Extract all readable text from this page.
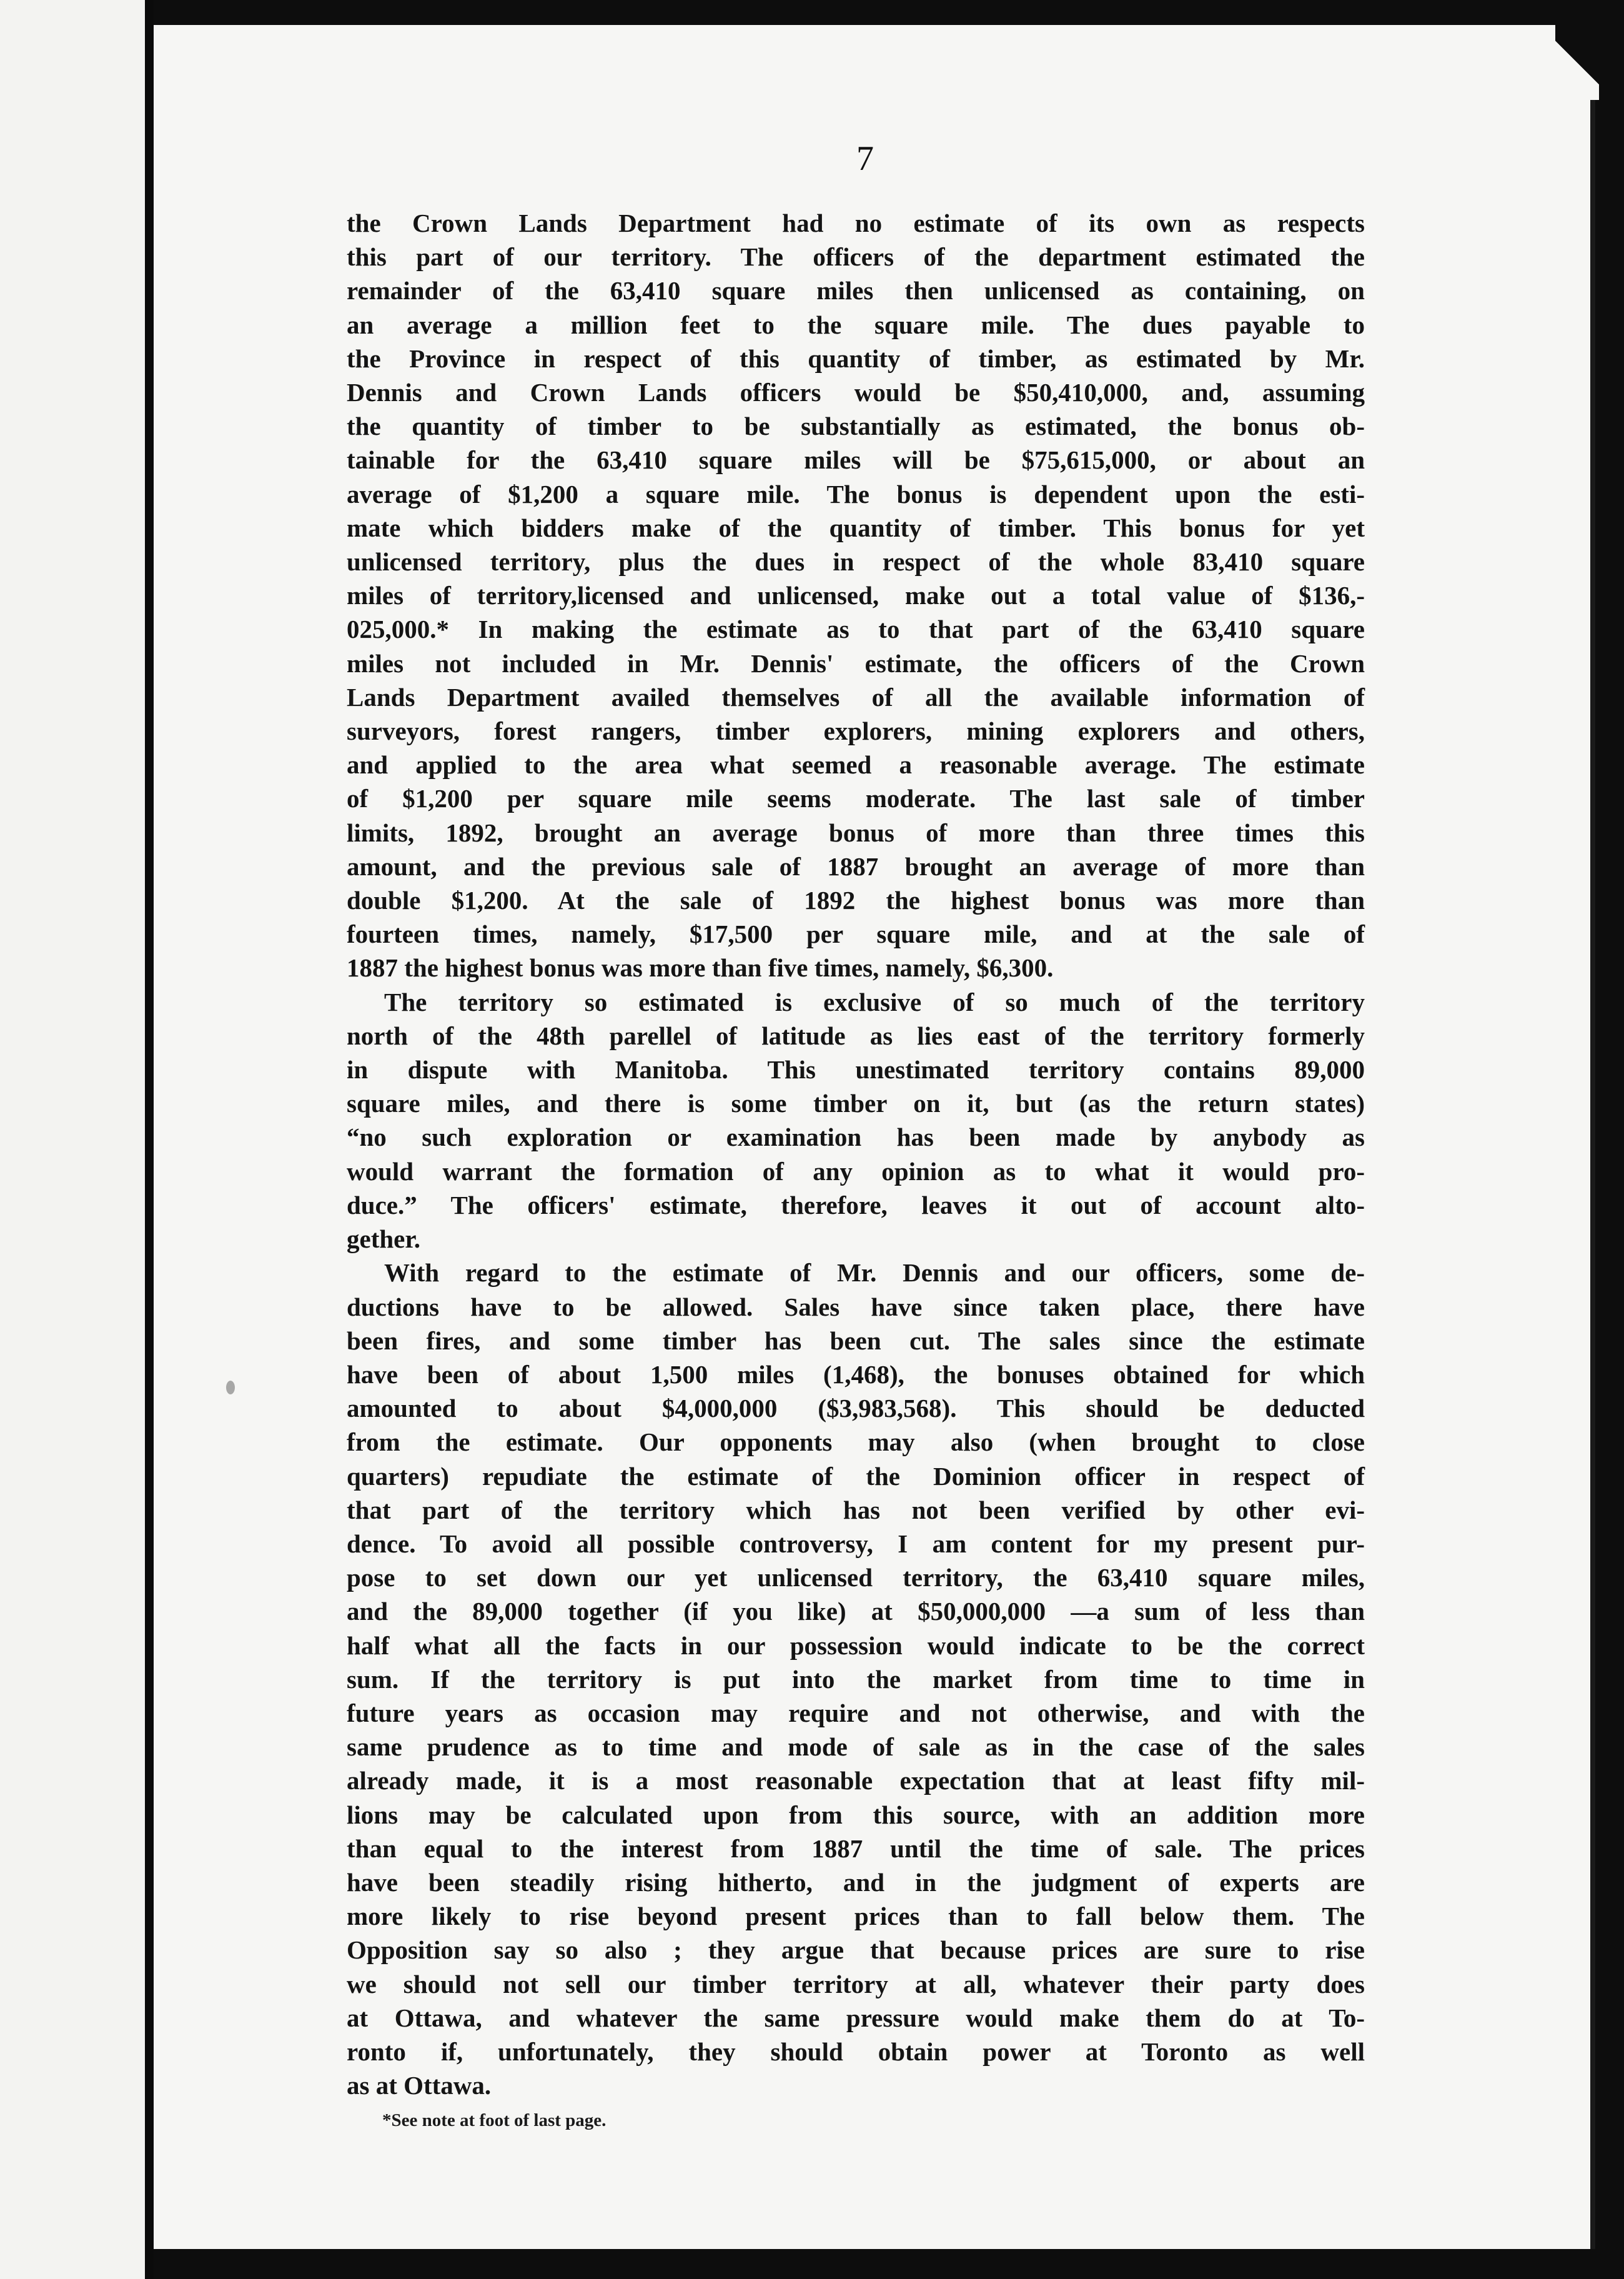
7

the Crown Lands Department had no estimate of its own as respects
this part of our territory. The officers of the department estimated the
remainder of the 63,410 square miles then unlicensed as containing, on
an average a million feet to the square mile. The dues payable to
the Province in respect of this quantity of timber, as estimated by Mr.
Dennis and Crown Lands officers would be $50,410,000, and, assuming
the quantity of timber to be substantially as estimated, the bonus ob-
tainable for the 63,410 square miles will be $75,615,000, or about an
average of $1,200 a square mile. The bonus is dependent upon the esti-
mate which bidders make of the quantity of timber. This bonus for yet
unlicensed territory, plus the dues in respect of the whole 83,410 square
miles of territory,licensed and unlicensed, make out a total value of $136,-
025,000.* In making the estimate as to that part of the 63,410 square
miles not included in Mr. Dennis' estimate, the officers of the Crown
Lands Department availed themselves of all the available information of
surveyors, forest rangers, timber explorers, mining explorers and others,
and applied to the area what seemed a reasonable average. The estimate
of $1,200 per square mile seems moderate. The last sale of timber
limits, 1892, brought an average bonus of more than three times this
amount, and the previous sale of 1887 brought an average of more than
double $1,200. At the sale of 1892 the highest bonus was more than
fourteen times, namely, $17,500 per square mile, and at the sale of
1887 the highest bonus was more than five times, namely, $6,300.

The territory so estimated is exclusive of so much of the territory
north of the 48th parellel of latitude as lies east of the territory formerly
in dispute with Manitoba. This unestimated territory contains 89,000
square miles, and there is some timber on it, but (as the return states)
“no such exploration or examination has been made by anybody as
would warrant the formation of any opinion as to what it would pro-
duce.” The officers' estimate, therefore, leaves it out of account alto-
gether.

With regard to the estimate of Mr. Dennis and our officers, some de-
ductions have to be allowed. Sales have since taken place, there have
been fires, and some timber has been cut. The sales since the estimate
have been of about 1,500 miles (1,468), the bonuses obtained for which
amounted to about $4,000,000 ($3,983,568). This should be deducted
from the estimate. Our opponents may also (when brought to close
quarters) repudiate the estimate of the Dominion officer in respect of
that part of the territory which has not been verified by other evi-
dence. To avoid all possible controversy, I am content for my present pur-
pose to set down our yet unlicensed territory, the 63,410 square miles,
and the 89,000 together (if you like) at $50,000,000 —a sum of less than
half what all the facts in our possession would indicate to be the correct
sum. If the territory is put into the market from time to time in
future years as occasion may require and not otherwise, and with the
same prudence as to time and mode of sale as in the case of the sales
already made, it is a most reasonable expectation that at least fifty mil-
lions may be calculated upon from this source, with an addition more
than equal to the interest from 1887 until the time of sale. The prices
have been steadily rising hitherto, and in the judgment of experts are
more likely to rise beyond present prices than to fall below them. The
Opposition say so also ; they argue that because prices are sure to rise
we should not sell our timber territory at all, whatever their party does
at Ottawa, and whatever the same pressure would make them do at To-
ronto if, unfortunately, they should obtain power at Toronto as well
as at Ottawa.

*See note at foot of last page.
